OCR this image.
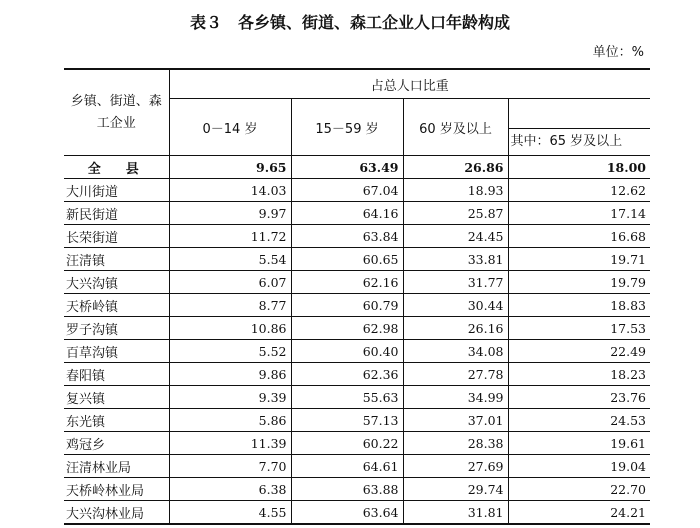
表３　各乡镇、街道、森工企业人口年龄构成
单位：%
乡镇、街道、森工企业	占总人口比重			
	0－14 岁	15－59 岁	60 岁及以上	其中：65 岁及以上

全　县	9.65	63.49	26.86	18.00
大川街道	14.03	67.04	18.93	12.62
新民街道	9.97	64.16	25.87	17.14
长荣街道	11.72	63.84	24.45	16.68
汪清镇	5.54	60.65	33.81	19.71
大兴沟镇	6.07	62.16	31.77	19.79
天桥岭镇	8.77	60.79	30.44	18.83
罗子沟镇	10.86	62.98	26.16	17.53
百草沟镇	5.52	60.40	34.08	22.49
春阳镇	9.86	62.36	27.78	18.23
复兴镇	9.39	55.63	34.99	23.76
东光镇	5.86	57.13	37.01	24.53
鸡冠乡	11.39	60.22	28.38	19.61
汪清林业局	7.70	64.61	27.69	19.04
天桥岭林业局	6.38	63.88	29.74	22.70
大兴沟林业局	4.55	63.64	31.81	24.21
